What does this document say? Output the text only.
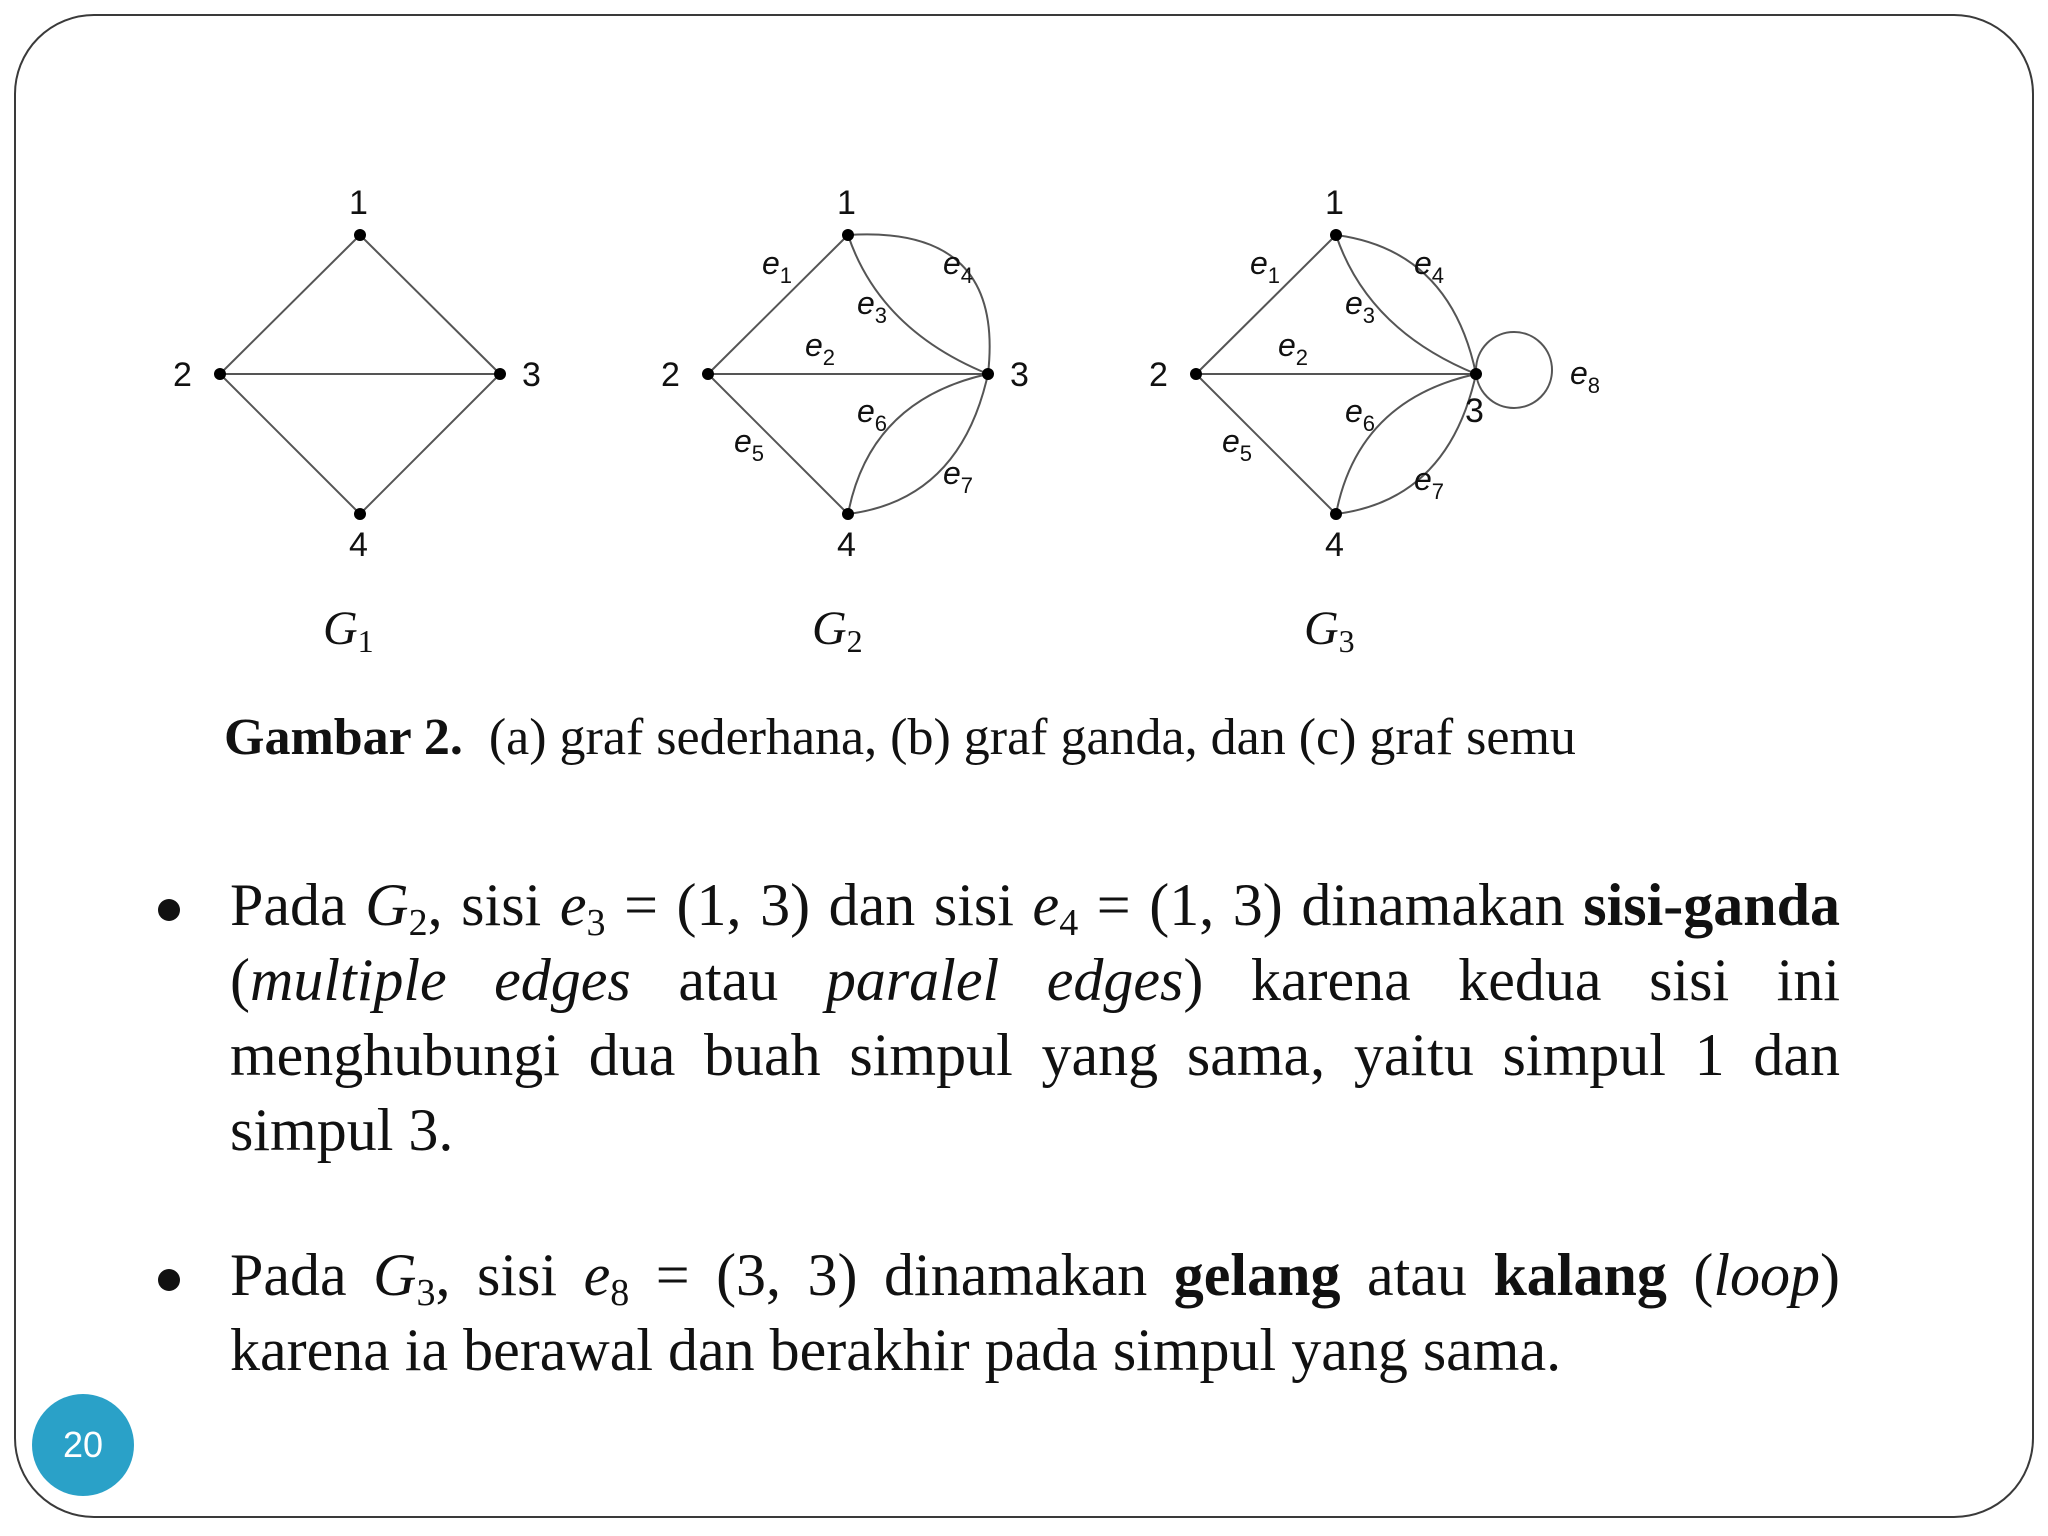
1
2	3
4
G1
1
2	3
4
e1
e2
e3
e4
e5
e6
e7
G2
1
2
3
4
e1
e2
e3
e4
e5
e6
e7
e8
G3
Gambar 2. (a) graf sederhana, (b) graf ganda, dan (c) graf semu
Pada $G_2$, sisi $e_3 = (1$, 3) dan sisi $e_4 = (1$, 3) dinamakan sisi-ganda (multiple edges atau paralel edges) karena kedua sisi ini menghubungi dua buah simpul yang sama, yaitu simpul 1 dan simpul 3.
Pada $G_3$, sisi $e_8 = (3$, 3) dinamakan gelang atau kalang (loop) karena ia berawal dan berakhir pada simpul yang sama.
20
